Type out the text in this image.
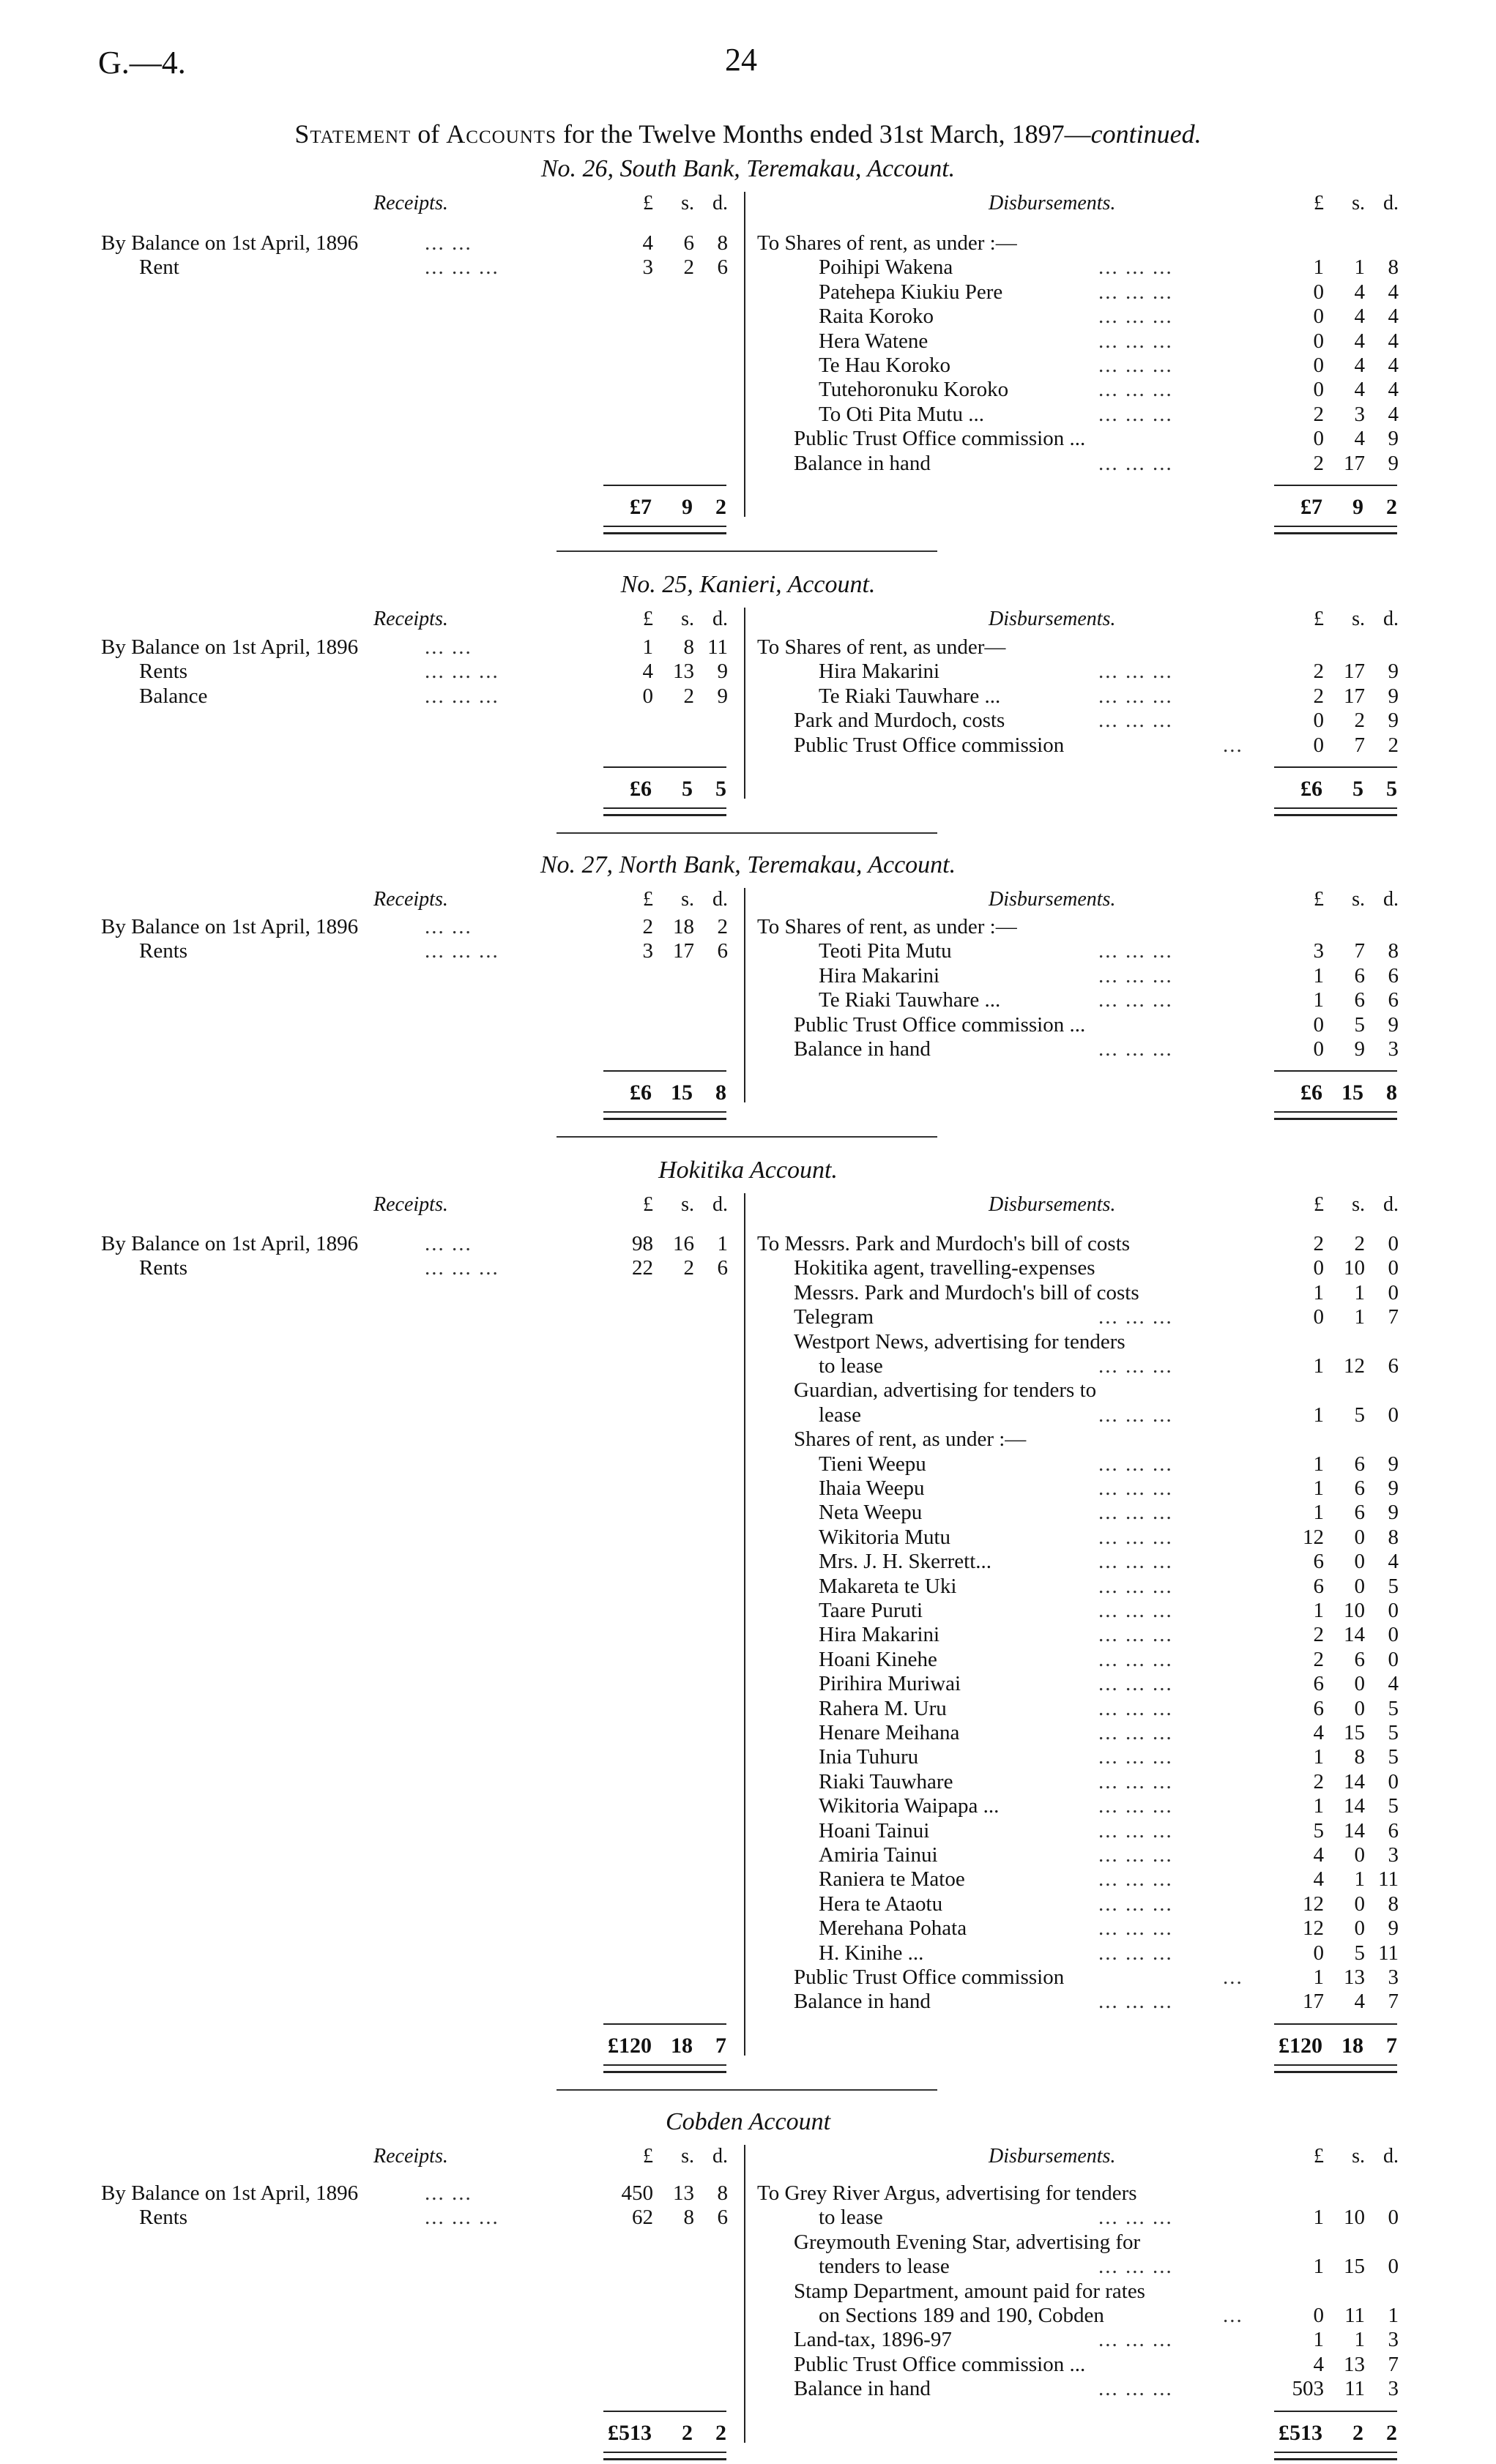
G.—4.	24
Statement of Accounts for the Twelve Months ended 31st March, 1897—continued.
No. 26, South Bank, Teremakau, Account.
Receipts.	Disbursements.
£ s. d.	£ s. d.
By Balance on 1st April, 1896	... ...	4 6 8
Rent	... ... ...	3 2 6
To Shares of rent, as under :—
Poihipi Wakena	... ... ...	1 1 8
Patehepa Kiukiu Pere	... ... ...	0 4 4
Raita Koroko	... ... ...	0 4 4
Hera Watene	... ... ...	0 4 4
Te Hau Koroko	... ... ...	0 4 4
Tutehoronuku Koroko	... ... ...	0 4 4
To Oti Pita Mutu ...	... ... ...	2 3 4
Public Trust Office commission ...	0 4 9
Balance in hand	... ... ...	2 17 9
£7 9 2	£7 9 2
No. 25, Kanieri, Account.
Receipts.	Disbursements.
£ s. d.	£ s. d.
By Balance on 1st April, 1896	... ...	1 8 11
Rents	... ... ...	4 13 9
Balance	... ... ...	0 2 9
To Shares of rent, as under—
Hira Makarini	... ... ...	2 17 9
Te Riaki Tauwhare ...	... ... ...	2 17 9
Park and Murdoch, costs	... ... ...	0 2 9
Public Trust Office commission	...	0 7 2
£6 5 5	£6 5 5
No. 27, North Bank, Teremakau, Account.
Receipts.	Disbursements.
£ s. d.	£ s. d.
By Balance on 1st April, 1896	... ...	2 18 2
Rents	... ... ...	3 17 6
To Shares of rent, as under :—
Teoti Pita Mutu	... ... ...	3 7 8
Hira Makarini	... ... ...	1 6 6
Te Riaki Tauwhare ...	... ... ...	1 6 6
Public Trust Office commission ...	0 5 9
Balance in hand	... ... ...	0 9 3
£6 15 8	£6 15 8
Hokitika Account.
Receipts.	Disbursements.
£ s. d.	£ s. d.
By Balance on 1st April, 1896	... ...	98 16 1
Rents	... ... ...	22 2 6
To Messrs. Park and Murdoch's bill of costs	2 2 0
Hokitika agent, travelling-expenses	0 10 0
Messrs. Park and Murdoch's bill of costs	1 1 0
Telegram	... ... ...	0 1 7
Westport News, advertising for tenders
to lease	... ... ...	1 12 6
Guardian, advertising for tenders to
lease	... ... ...	1 5 0
Shares of rent, as under :—
Tieni Weepu	... ... ...	1 6 9
Ihaia Weepu	... ... ...	1 6 9
Neta Weepu	... ... ...	1 6 9
Wikitoria Mutu	... ... ...	12 0 8
Mrs. J. H. Skerrett...	... ... ...	6 0 4
Makareta te Uki	... ... ...	6 0 5
Taare Puruti	... ... ...	1 10 0
Hira Makarini	... ... ...	2 14 0
Hoani Kinehe	... ... ...	2 6 0
Pirihira Muriwai	... ... ...	6 0 4
Rahera M. Uru	... ... ...	6 0 5
Henare Meihana	... ... ...	4 15 5
Inia Tuhuru	... ... ...	1 8 5
Riaki Tauwhare	... ... ...	2 14 0
Wikitoria Waipapa ...	... ... ...	1 14 5
Hoani Tainui	... ... ...	5 14 6
Amiria Tainui	... ... ...	4 0 3
Raniera te Matoe	... ... ...	4 1 11
Hera te Ataotu	... ... ...	12 0 8
Merehana Pohata	... ... ...	12 0 9
H. Kinihe ...	... ... ...	0 5 11
Public Trust Office commission	...	1 13 3
Balance in hand	... ... ...	17 4 7
£120 18 7	£120 18 7
Cobden Account
Receipts.	Disbursements.
£ s. d.	£ s. d.
By Balance on 1st April, 1896	... ...	450 13 8
Rents	... ... ...	62 8 6
To Grey River Argus, advertising for tenders
to lease	... ... ...	1 10 0
Greymouth Evening Star, advertising for
tenders to lease	... ... ...	1 15 0
Stamp Department, amount paid for rates
on Sections 189 and 190, Cobden	...	0 11 1
Land-tax, 1896-97	... ... ...	1 1 3
Public Trust Office commission ...	4 13 7
Balance in hand	... ... ...	503 11 3
£513 2 2	£513 2 2
